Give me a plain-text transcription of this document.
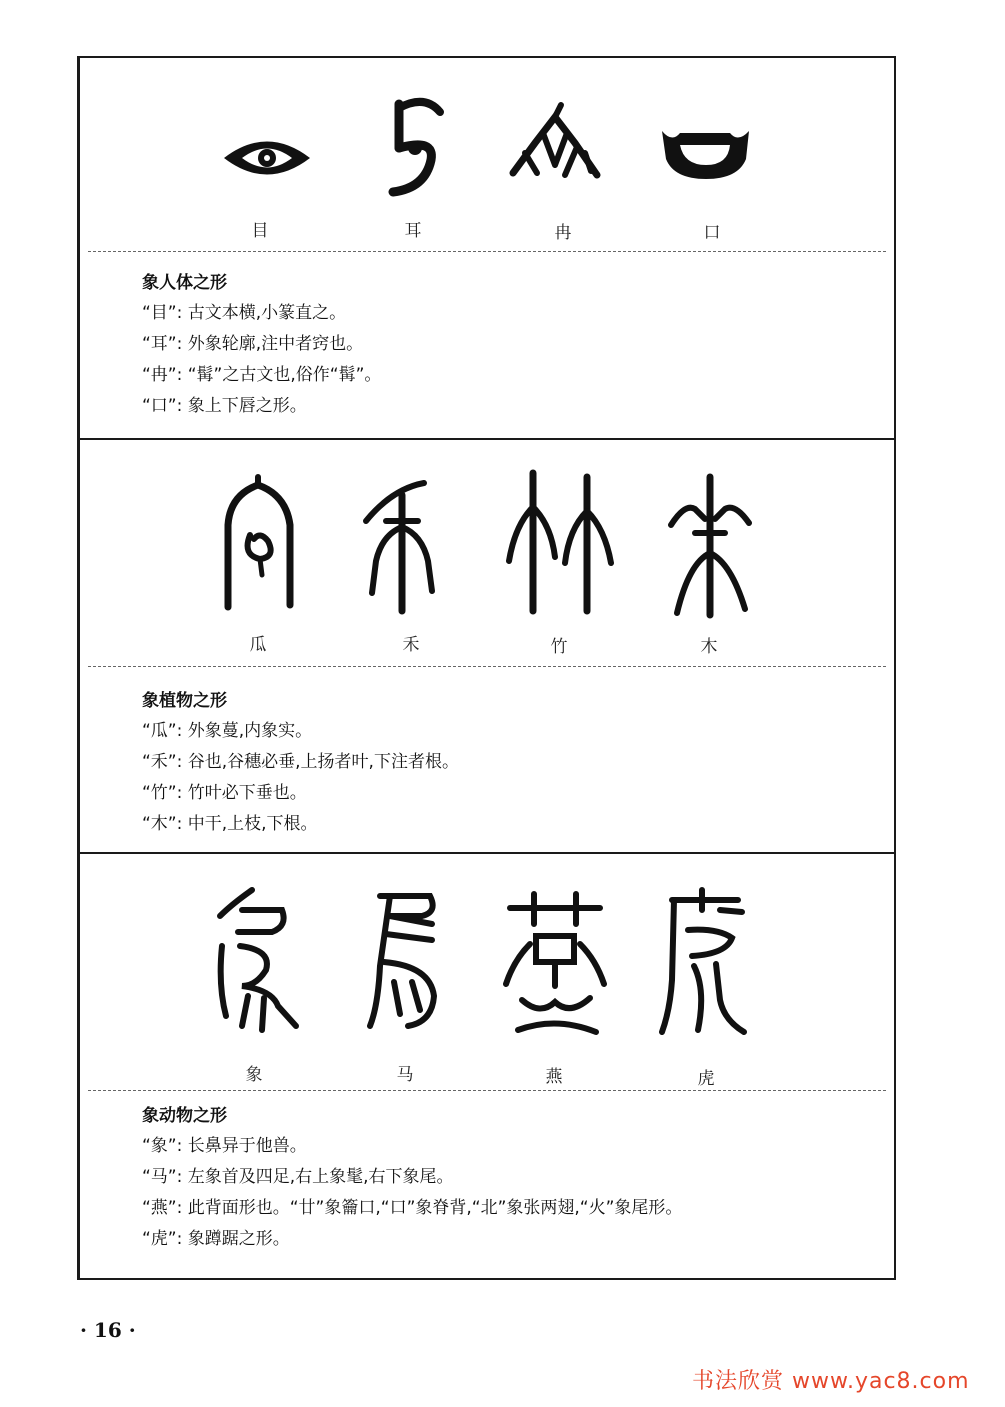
目	耳	冉	口
象人体之形
“目”: 古文本横,小篆直之。
“耳”: 外象轮廓,注中者窍也。
“冉”: “髯”之古文也,俗作“髯”。
“口”: 象上下唇之形。
瓜	禾	竹	木
象植物之形
“瓜”: 外象蔓,内象实。
“禾”: 谷也,谷穗必垂,上扬者叶,下注者根。
“竹”: 竹叶必下垂也。
“木”: 中干,上枝,下根。
象	马	燕	虎
象动物之形
“象”: 长鼻异于他兽。
“马”: 左象首及四足,右上象髦,右下象尾。
“燕”: 此背面形也。“廿”象籥口,“口”象脊背,“北”象张两翅,“火”象尾形。
“虎”: 象蹲踞之形。
· 16 ·
书法欣赏 www.yac8.com
